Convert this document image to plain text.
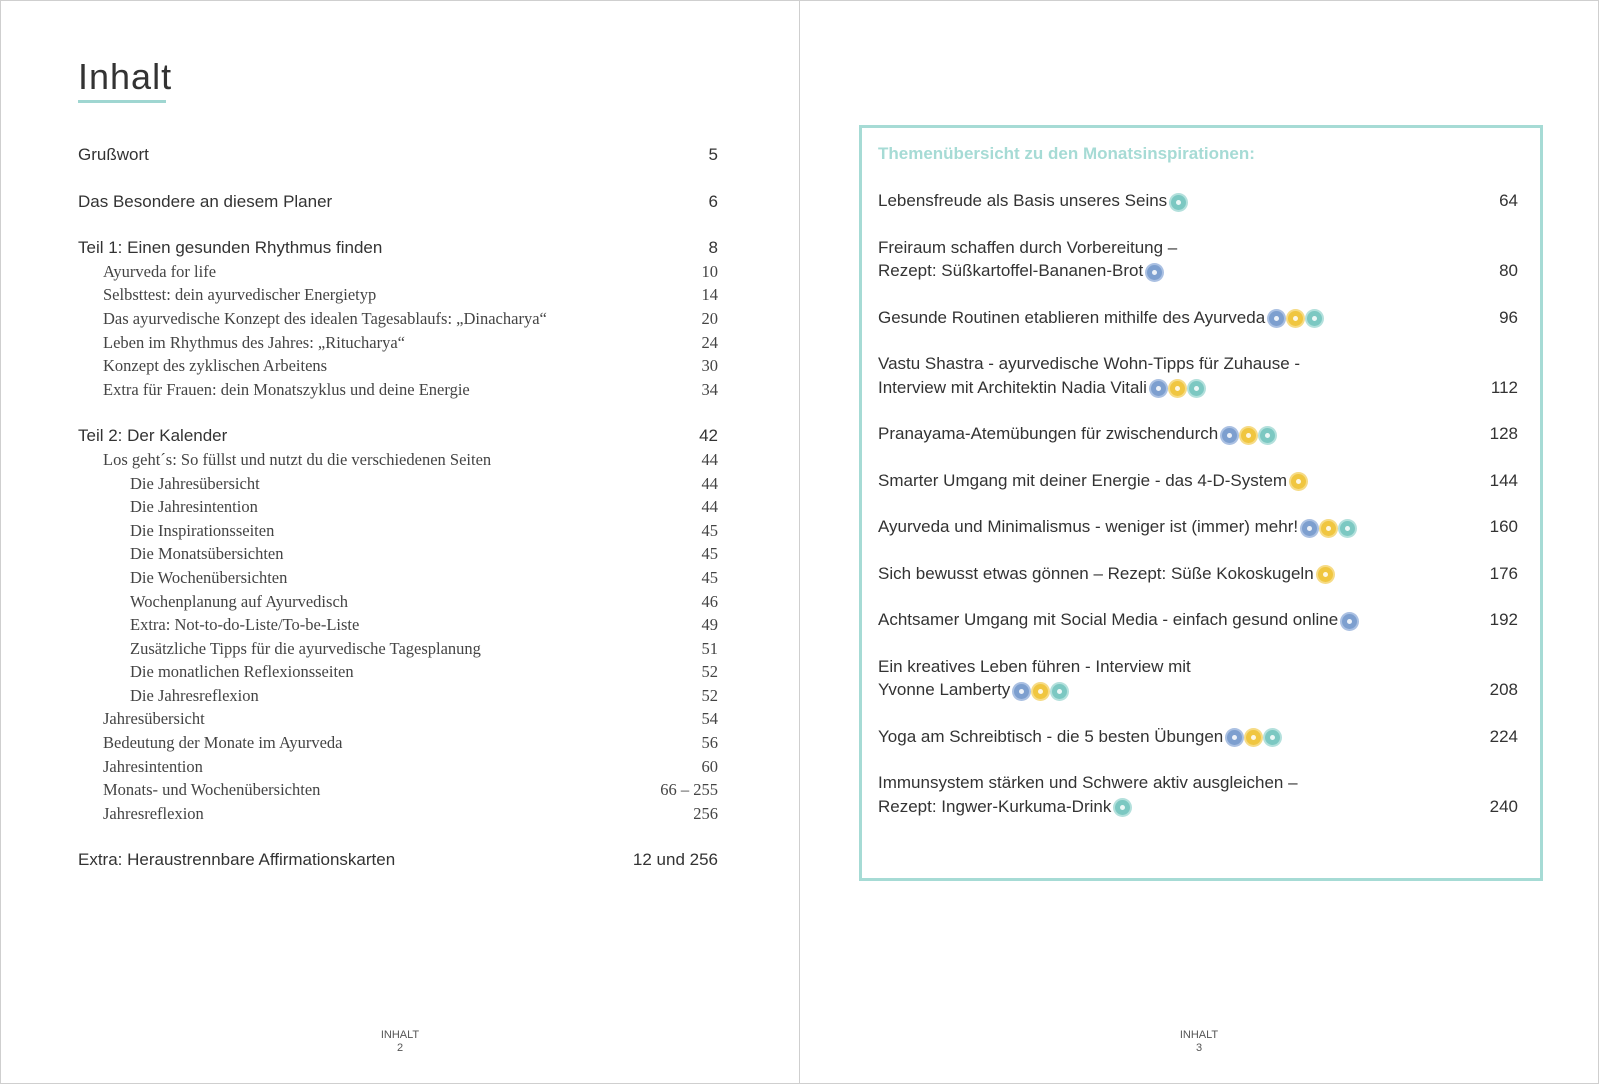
Inhalt
Grußwort	5
Das Besondere an diesem Planer	6
Teil 1: Einen gesunden Rhythmus finden	8
Ayurveda for life	10
Selbsttest: dein ayurvedischer Energietyp	14
Das ayurvedische Konzept des idealen Tagesablaufs: „Dinacharya“	20
Leben im Rhythmus des Jahres: „Ritucharya“	24
Konzept des zyklischen Arbeitens	30
Extra für Frauen: dein Monatszyklus und deine Energie	34
Teil 2: Der Kalender	42
Los geht´s: So füllst und nutzt du die verschiedenen Seiten	44
Die Jahresübersicht	44
Die Jahresintention	44
Die Inspirationsseiten	45
Die Monatsübersichten	45
Die Wochenübersichten	45
Wochenplanung auf Ayurvedisch	46
Extra: Not-to-do-Liste/To-be-Liste	49
Zusätzliche Tipps für die ayurvedische Tagesplanung	51
Die monatlichen Reflexionsseiten	52
Die Jahresreflexion	52
Jahresübersicht	54
Bedeutung der Monate im Ayurveda	56
Jahresintention	60
Monats- und Wochenübersichten	66 – 255
Jahresreflexion	256
Extra: Heraustrennbare Affirmationskarten	12 und 256
INHALT
2
Themenübersicht zu den Monatsinspirationen:
Lebensfreude als Basis unseres Seins	64
Freiraum schaffen durch Vorbereitung –
Rezept: Süßkartoffel-Bananen-Brot	80
Gesunde Routinen etablieren mithilfe des Ayurveda	96
Vastu Shastra - ayurvedische Wohn-Tipps für Zuhause -
Interview mit Architektin Nadia Vitali	112
Pranayama-Atemübungen für zwischendurch	128
Smarter Umgang mit deiner Energie - das 4-D-System	144
Ayurveda und Minimalismus - weniger ist (immer) mehr!	160
Sich bewusst etwas gönnen – Rezept: Süße Kokoskugeln	176
Achtsamer Umgang mit Social Media - einfach gesund online	192
Ein kreatives Leben führen - Interview mit
Yvonne Lamberty	208
Yoga am Schreibtisch - die 5 besten Übungen	224
Immunsystem stärken und Schwere aktiv ausgleichen –
Rezept: Ingwer-Kurkuma-Drink	240
INHALT
3
